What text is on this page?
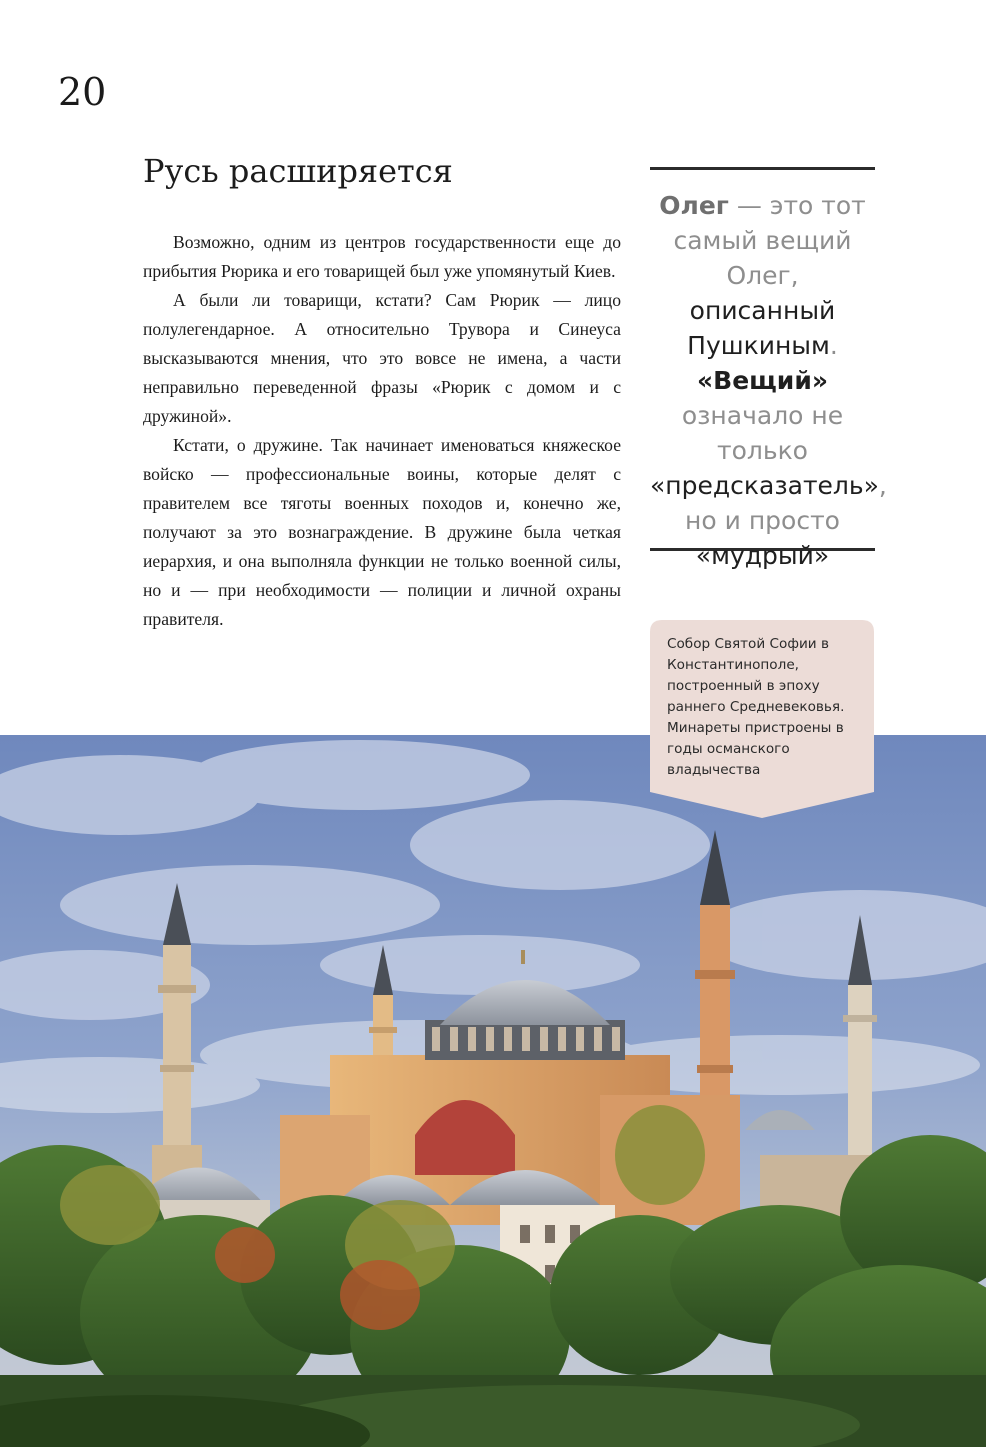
20
Русь расширяется

Возможно, одним из центров государственности еще до прибытия Рюрика и его товарищей был уже упомянутый Киев.

А были ли товарищи, кстати? Сам Рюрик — лицо полулегендарное. А относительно Трувора и Синеуса высказываются мнения, что это вовсе не имена, а части неправильно переведенной фразы «Рюрик с домом и с дружиной».

Кстати, о дружине. Так начинает именоваться княжеское войско — профессиональные воины, которые делят с правителем все тяготы военных походов и, конечно же, получают за это вознаграждение. В дружине была четкая иерархия, и она выполняла функции не только военной силы, но и — при необходимости — полиции и личной охраны правителя.

Олег — это тот самый вещий Олег, описанный Пушкиным. «Вещий» означало не только «предсказатель», но и просто «мудрый»
Собор Святой Софии в Константинополе, построенный в эпоху раннего Средневековья. Минареты пристроены в годы османского владычества
